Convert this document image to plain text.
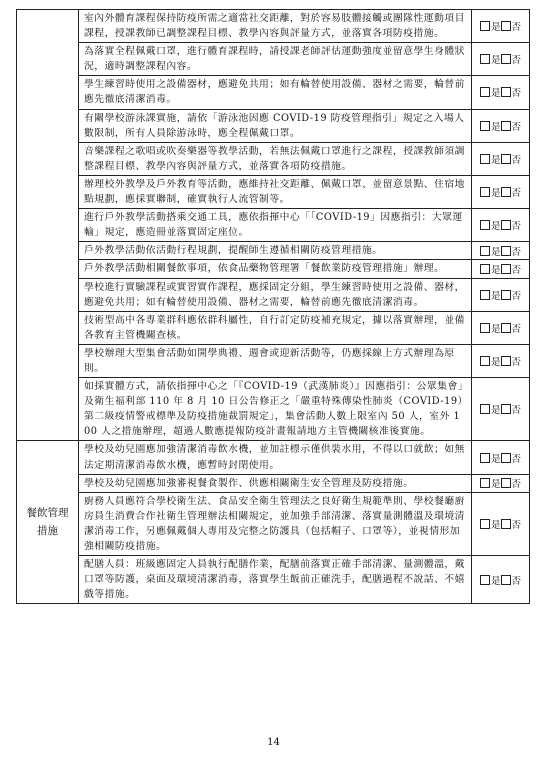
	室內外體育課程保持防疫所需之適當社交距離，對於容易肢體接觸或團隊性運動項目課程，授課教師已調整課程目標、教學內容與評量方式，並落實各項防疫措施。	是 否
	為落實全程佩戴口罩，進行體育課程時，請授課老師評估運動強度並留意學生身體狀況，適時調整課程內容。	是 否
	學生練習時使用之設備器材，應避免共用；如有輪替使用設備、器材之需要，輪替前應先徹底清潔消毒。	是 否
	有關學校游泳課實施，請依「游泳池因應 COVID-19 防疫管理指引」規定之入場人數限制，所有人員除游泳時，應全程佩戴口罩。	是 否
	音樂課程之歌唱或吹奏樂器等教學活動，若無法佩戴口罩進行之課程，授課教師須調整課程目標、教學內容與評量方式，並落實各項防疫措施。	是 否
	辦理校外教學及戶外教育等活動，應維持社交距離、佩戴口罩、並留意景點、住宿地點規劃，應採實聯制，確實執行人流管制等。	是 否
	進行戶外教學活動搭乘交通工具，應依指揮中心「「COVID-19」因應指引：大眾運輸」規定，應造冊並落實固定座位。	是 否
	戶外教學活動依活動行程規劃，提醒師生遵循相關防疫管理措施。	是 否
	戶外教學活動相關餐飲事項，依食品藥物管理署「餐飲業防疫管理措施」辦理。	是 否
	學校進行實驗課程或實習實作課程，應採固定分組，學生練習時使用之設備、器材，應避免共用；如有輪替使用設備、器材之需要，輪替前應先徹底清潔消毒。	是 否
	技術型高中各專業群科應依群科屬性，自行訂定防疫補充規定，據以落實辦理，並備各教育主管機關查核。	是 否
	學校辦理大型集會活動如開學典禮、週會或迎新活動等，仍應採線上方式辦理為原則。	是 否
	如採實體方式，請依指揮中心之「『COVID-19（武漢肺炎）』因應指引：公眾集會」及衛生福利部 110 年 8 月 10 日公告修正之「嚴重特殊傳染性肺炎（COVID-19）第二級疫情警戒標準及防疫措施裁罰規定」，集會活動人數上限室內 50 人，室外 100 人之措施辦理，超過人數應提報防疫計畫報請地方主管機關核准後實施。	是 否
餐飲管理措施	學校及幼兒園應加強清潔消毒飲水機，並加註標示僅供裝水用，不得以口就飲；如無法定期清潔消毒飲水機，應暫時封閉使用。	是 否
	學校及幼兒園應加強審視餐食製作、供應相關衛生安全管理及防疫措施。	是 否
	廚務人員應符合學校衛生法、食品安全衛生管理法之良好衛生規範準則、學校餐廳廚房員生消費合作社衛生管理辦法相關規定，並加強手部清潔、落實量測體溫及環境清潔消毒工作，另應佩戴個人專用及完整之防護具（包括帽子、口罩等），並視情形加強相關防疫措施。	是 否
	配膳人員：班級應固定人員執行配膳作業，配膳前落實正確手部清潔、量測體溫，戴口罩等防護，桌面及環境清潔消毒，落實學生飯前正確洗手，配膳過程不說話、不嬉戲等措施。	是 否
14
